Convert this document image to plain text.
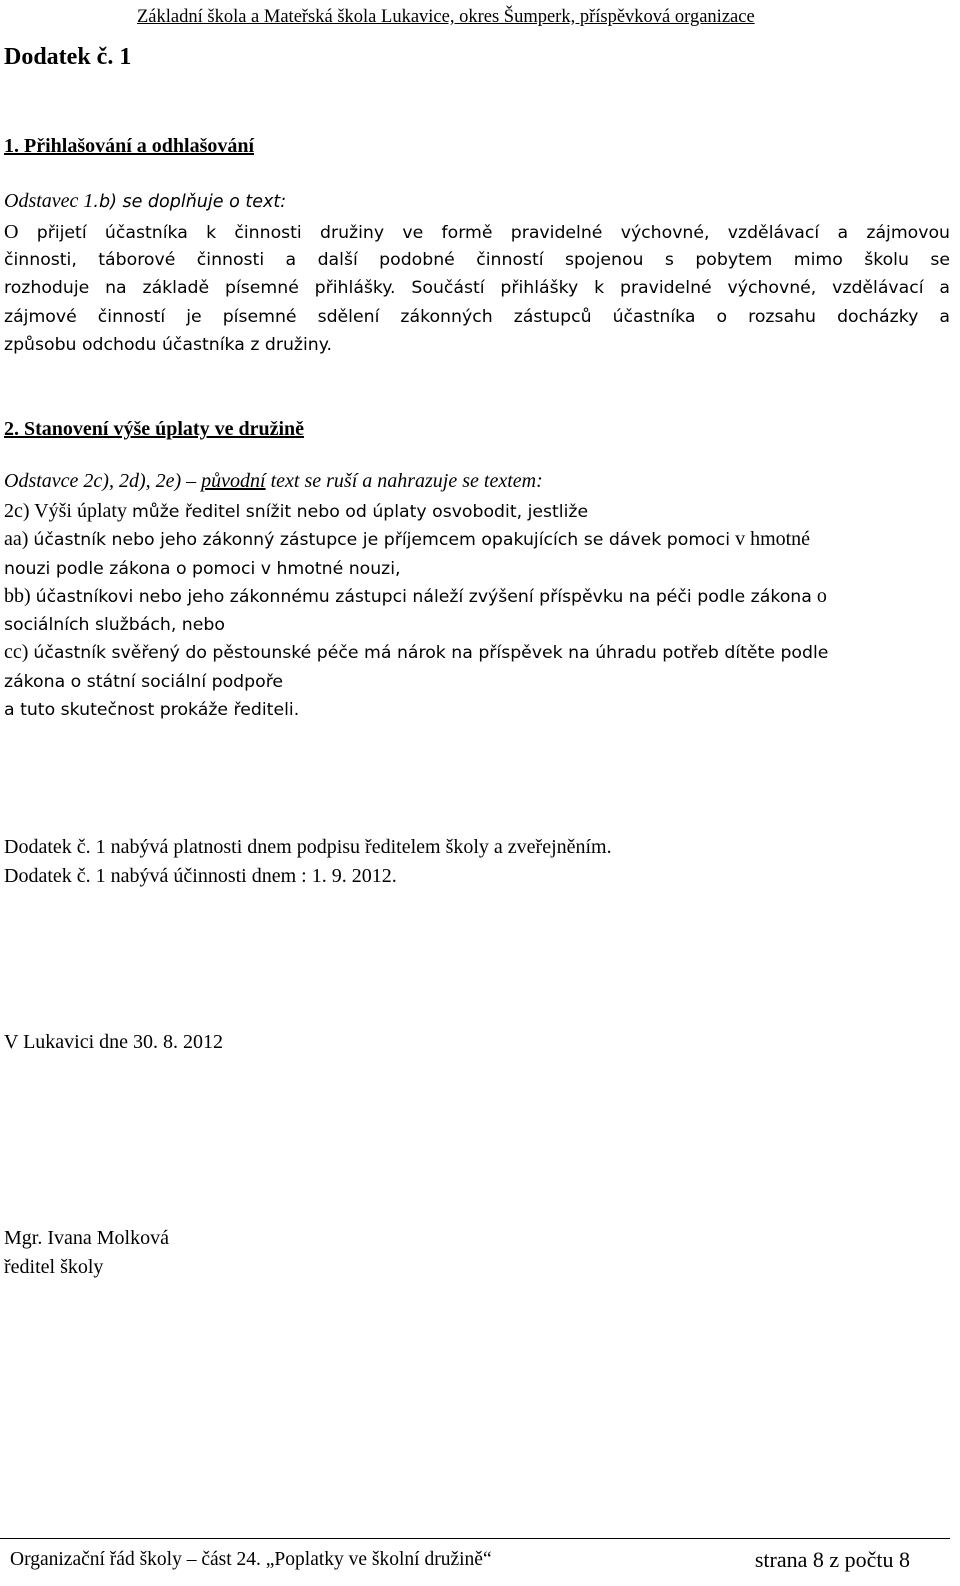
Základní škola a Mateřská škola Lukavice, okres Šumperk, příspěvková organizace
Dodatek č. 1
1. Přihlašování a odhlašování
Odstavec 1.b) se doplňuje o text:
O přijetí účastníka k činnosti družiny ve formě pravidelné výchovné, vzdělávací a zájmovou
činnosti, táborové činnosti a další podobné činností spojenou s pobytem mimo školu se
rozhoduje na základě písemné přihlášky. Součástí přihlášky k pravidelné výchovné, vzdělávací a
zájmové činností je písemné sdělení zákonných zástupců účastníka o rozsahu docházky a
způsobu odchodu účastníka z družiny.
2. Stanovení výše úplaty ve družině
Odstavce 2c), 2d), 2e) – původní text se ruší a nahrazuje se textem:
2c) Výši úplaty může ředitel snížit nebo od úplaty osvobodit, jestliže
aa) účastník nebo jeho zákonný zástupce je příjemcem opakujících se dávek pomoci v hmotné
nouzi podle zákona o pomoci v hmotné nouzi,
bb) účastníkovi nebo jeho zákonnému zástupci náleží zvýšení příspěvku na péči podle zákona o
sociálních službách, nebo
cc) účastník svěřený do pěstounské péče má nárok na příspěvek na úhradu potřeb dítěte podle
zákona o státní sociální podpoře
a tuto skutečnost prokáže řediteli.
Dodatek č. 1 nabývá platnosti dnem podpisu ředitelem školy a zveřejněním.
Dodatek č. 1 nabývá účinnosti dnem : 1. 9. 2012.
V Lukavici dne 30. 8. 2012
Mgr. Ivana Molková
ředitel školy
Organizační řád školy – část 24. „Poplatky ve školní družině“	strana 8 z počtu 8
